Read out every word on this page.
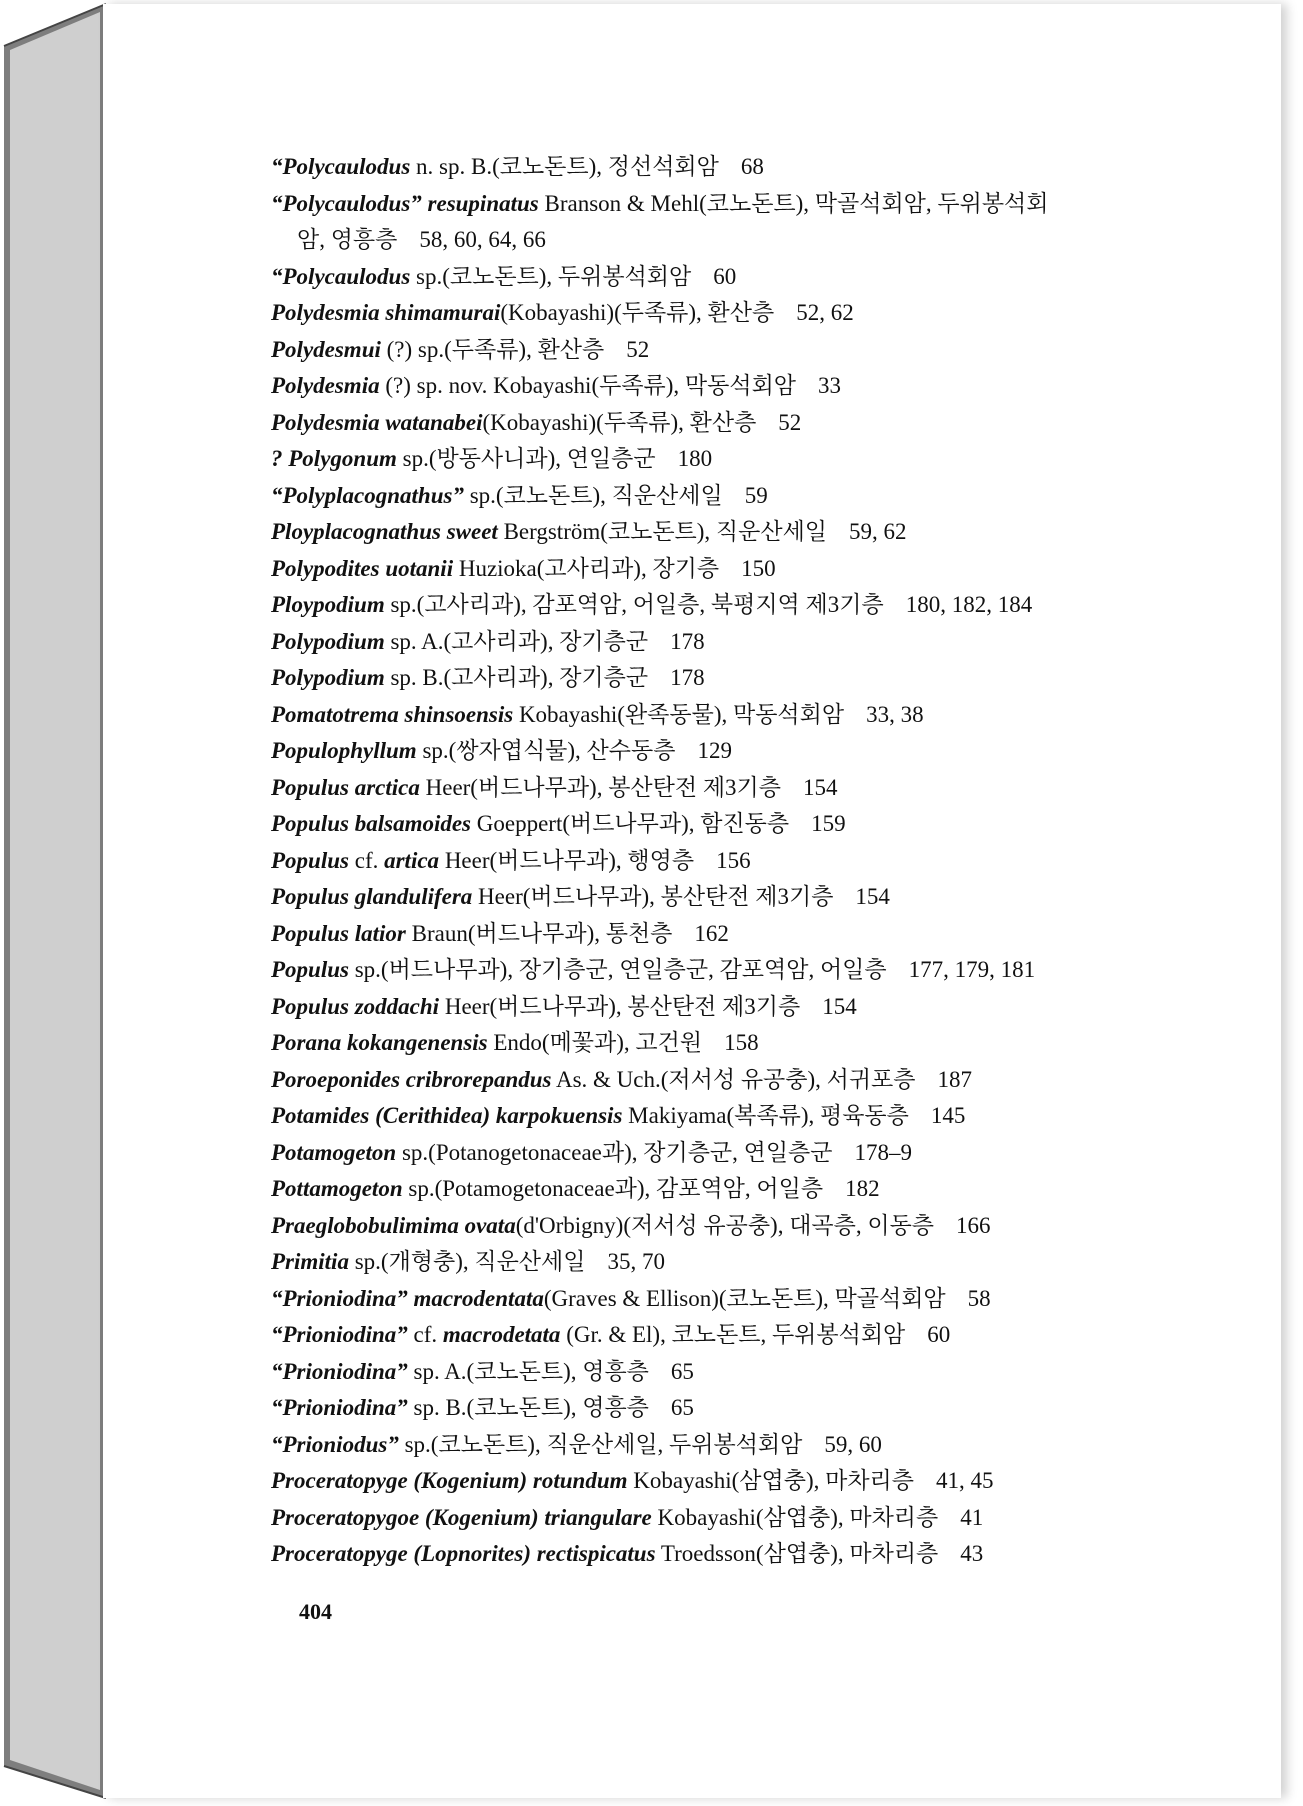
“Polycaulodus n. sp. B.(코노돈트), 정선석회암 68
“Polycaulodus” resupinatus Branson & Mehl(코노돈트), 막골석회암, 두위봉석회
암, 영흥층 58, 60, 64, 66
“Polycaulodus sp.(코노돈트), 두위봉석회암 60
Polydesmia shimamurai(Kobayashi)(두족류), 환산층 52, 62
Polydesmui (?) sp.(두족류), 환산층 52
Polydesmia (?) sp. nov. Kobayashi(두족류), 막동석회암 33
Polydesmia watanabei(Kobayashi)(두족류), 환산층 52
? Polygonum sp.(방동사니과), 연일층군 180
“Polyplacognathus” sp.(코노돈트), 직운산세일 59
Ployplacognathus sweet Bergström(코노돈트), 직운산세일 59, 62
Polypodites uotanii Huzioka(고사리과), 장기층 150
Ploypodium sp.(고사리과), 감포역암, 어일층, 북평지역 제3기층 180, 182, 184
Polypodium sp. A.(고사리과), 장기층군 178
Polypodium sp. B.(고사리과), 장기층군 178
Pomatotrema shinsoensis Kobayashi(완족동물), 막동석회암 33, 38
Populophyllum sp.(쌍자엽식물), 산수동층 129
Populus arctica Heer(버드나무과), 봉산탄전 제3기층 154
Populus balsamoides Goeppert(버드나무과), 함진동층 159
Populus cf. artica Heer(버드나무과), 행영층 156
Populus glandulifera Heer(버드나무과), 봉산탄전 제3기층 154
Populus latior Braun(버드나무과), 통천층 162
Populus sp.(버드나무과), 장기층군, 연일층군, 감포역암, 어일층 177, 179, 181
Populus zoddachi Heer(버드나무과), 봉산탄전 제3기층 154
Porana kokangenensis Endo(메꽃과), 고건원 158
Poroeponides cribrorepandus As. & Uch.(저서성 유공충), 서귀포층 187
Potamides (Cerithidea) karpokuensis Makiyama(복족류), 평육동층 145
Potamogeton sp.(Potanogetonaceae과), 장기층군, 연일층군 178–9
Pottamogeton sp.(Potamogetonaceae과), 감포역암, 어일층 182
Praeglobobulimima ovata(d'Orbigny)(저서성 유공충), 대곡층, 이동층 166
Primitia sp.(개형충), 직운산세일 35, 70
“Prioniodina” macrodentata(Graves & Ellison)(코노돈트), 막골석회암 58
“Prioniodina” cf. macrodetata (Gr. & El), 코노돈트, 두위봉석회암 60
“Prioniodina” sp. A.(코노돈트), 영흥층 65
“Prioniodina” sp. B.(코노돈트), 영흥층 65
“Prioniodus” sp.(코노돈트), 직운산세일, 두위봉석회암 59, 60
Proceratopyge (Kogenium) rotundum Kobayashi(삼엽충), 마차리층 41, 45
Proceratopygoe (Kogenium) triangulare Kobayashi(삼엽충), 마차리층 41
Proceratopyge (Lopnorites) rectispicatus Troedsson(삼엽충), 마차리층 43
404
